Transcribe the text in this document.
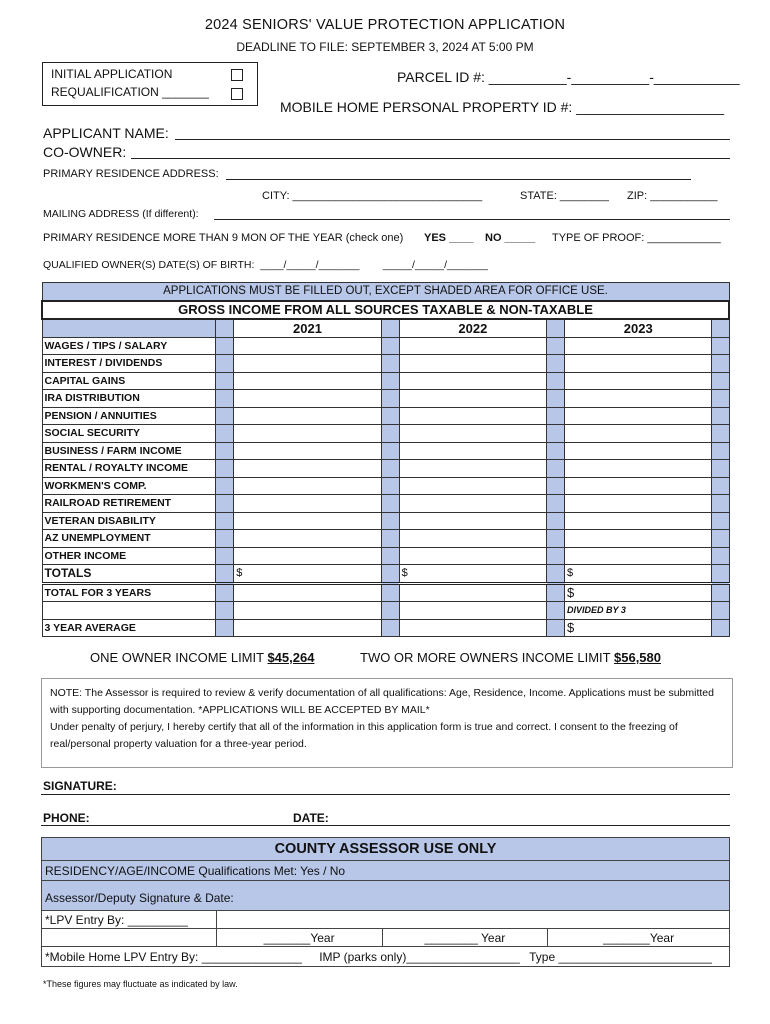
2024 SENIORS' VALUE PROTECTION APPLICATION
DEADLINE TO FILE: SEPTEMBER 3, 2024 AT 5:00 PM
INITIAL APPLICATION
REQUALIFICATION _______
PARCEL ID #: __________-__________-___________
MOBILE HOME PERSONAL PROPERTY ID #: ___________________
APPLICANT NAME:
CO-OWNER:
PRIMARY RESIDENCE ADDRESS:
CITY: _______________________________	STATE: ________ ZIP: ___________
MAILING ADDRESS (If different):
PRIMARY RESIDENCE MORE THAN 9 MON OF THE YEAR (check one) YES ____ NO _____ TYPE OF PROOF: ____________
QUALIFIED OWNER(S) DATE(S) OF BIRTH:  ____/_____/_______        _____/_____/_______
APPLICATIONS MUST BE FILLED OUT, EXCEPT SHADED AREA FOR OFFICE USE.							
GROSS INCOME FROM ALL SOURCES TAXABLE & NON-TAXABLE							
		2021		2022		2023	
WAGES / TIPS / SALARY							
INTEREST / DIVIDENDS							
CAPITAL GAINS							
IRA DISTRIBUTION							
PENSION / ANNUITIES							
SOCIAL SECURITY							
BUSINESS / FARM INCOME							
RENTAL / ROYALTY INCOME							
WORKMEN'S COMP.							
RAILROAD RETIREMENT							
VETERAN DISABILITY							
AZ UNEMPLOYMENT							
OTHER INCOME							
TOTALS		$		$		$	
TOTAL FOR 3 YEARS						$	
						DIVIDED BY 3	
3 YEAR AVERAGE						$	
ONE OWNER INCOME LIMIT $45,264	TWO OR MORE OWNERS INCOME LIMIT $56,580
NOTE: The Assessor is required to review & verify documentation of all qualifications: Age, Residence, Income. Applications must be submitted with supporting documentation. *APPLICATIONS WILL BE ACCEPTED BY MAIL*
Under penalty of perjury, I hereby certify that all of the information in this application form is true and correct. I consent to the freezing of real/personal property valuation for a three-year period.
SIGNATURE:
PHONE:	DATE:
COUNTY ASSESSOR USE ONLY			
RESIDENCY/AGE/INCOME Qualifications Met: Yes / No			
Assessor/Deputy Signature & Date:			
*LPV Entry By: _________			
	_______Year	________ Year	_______Year
*Mobile Home LPV Entry By: _______________ IMP (parks only)_________________ Type _______________________			
*These figures may fluctuate as indicated by law.
